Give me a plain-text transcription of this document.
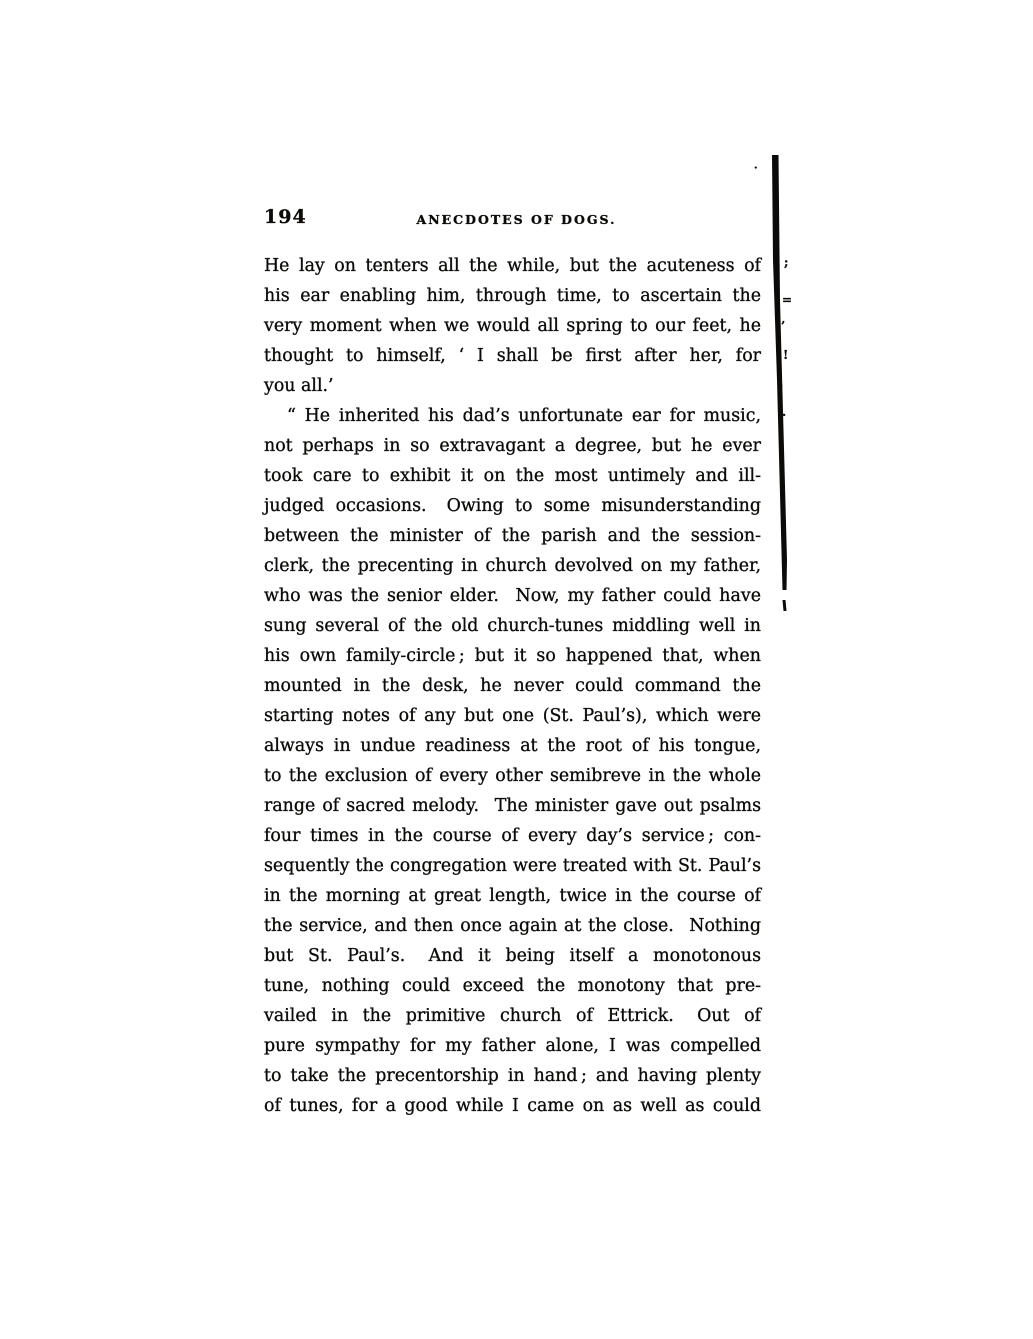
194	ANECDOTES OF DOGS.
He lay on tenters all the while, but the acuteness of
his ear enabling him, through time, to ascertain the
very moment when we would all spring to our feet, he
thought to himself, ‘ I shall be first after her, for
you all.’
“ He inherited his dad’s unfortunate ear for music,
not perhaps in so extravagant a degree, but he ever
took care to exhibit it on the most untimely and ill-
judged occasions.  Owing to some misunderstanding
between the minister of the parish and the session-
clerk, the precenting in church devolved on my father,
who was the senior elder.  Now, my father could have
sung several of the old church-tunes middling well in
his own family-circle ; but it so happened that, when
mounted in the desk, he never could command the
starting notes of any but one (St. Paul’s), which were
always in undue readiness at the root of his tongue,
to the exclusion of every other semibreve in the whole
range of sacred melody.  The minister gave out psalms
four times in the course of every day’s service ; con-
sequently the congregation were treated with St. Paul’s
in the morning at great length, twice in the course of
the service, and then once again at the close.  Nothing
but St. Paul’s.  And it being itself a monotonous
tune, nothing could exceed the monotony that pre-
vailed in the primitive church of Ettrick.  Out of
pure sympathy for my father alone, I was compelled
to take the precentorship in hand ; and having plenty
of tunes, for a good while I came on as well as could
·
;
=
’
!
’
.
